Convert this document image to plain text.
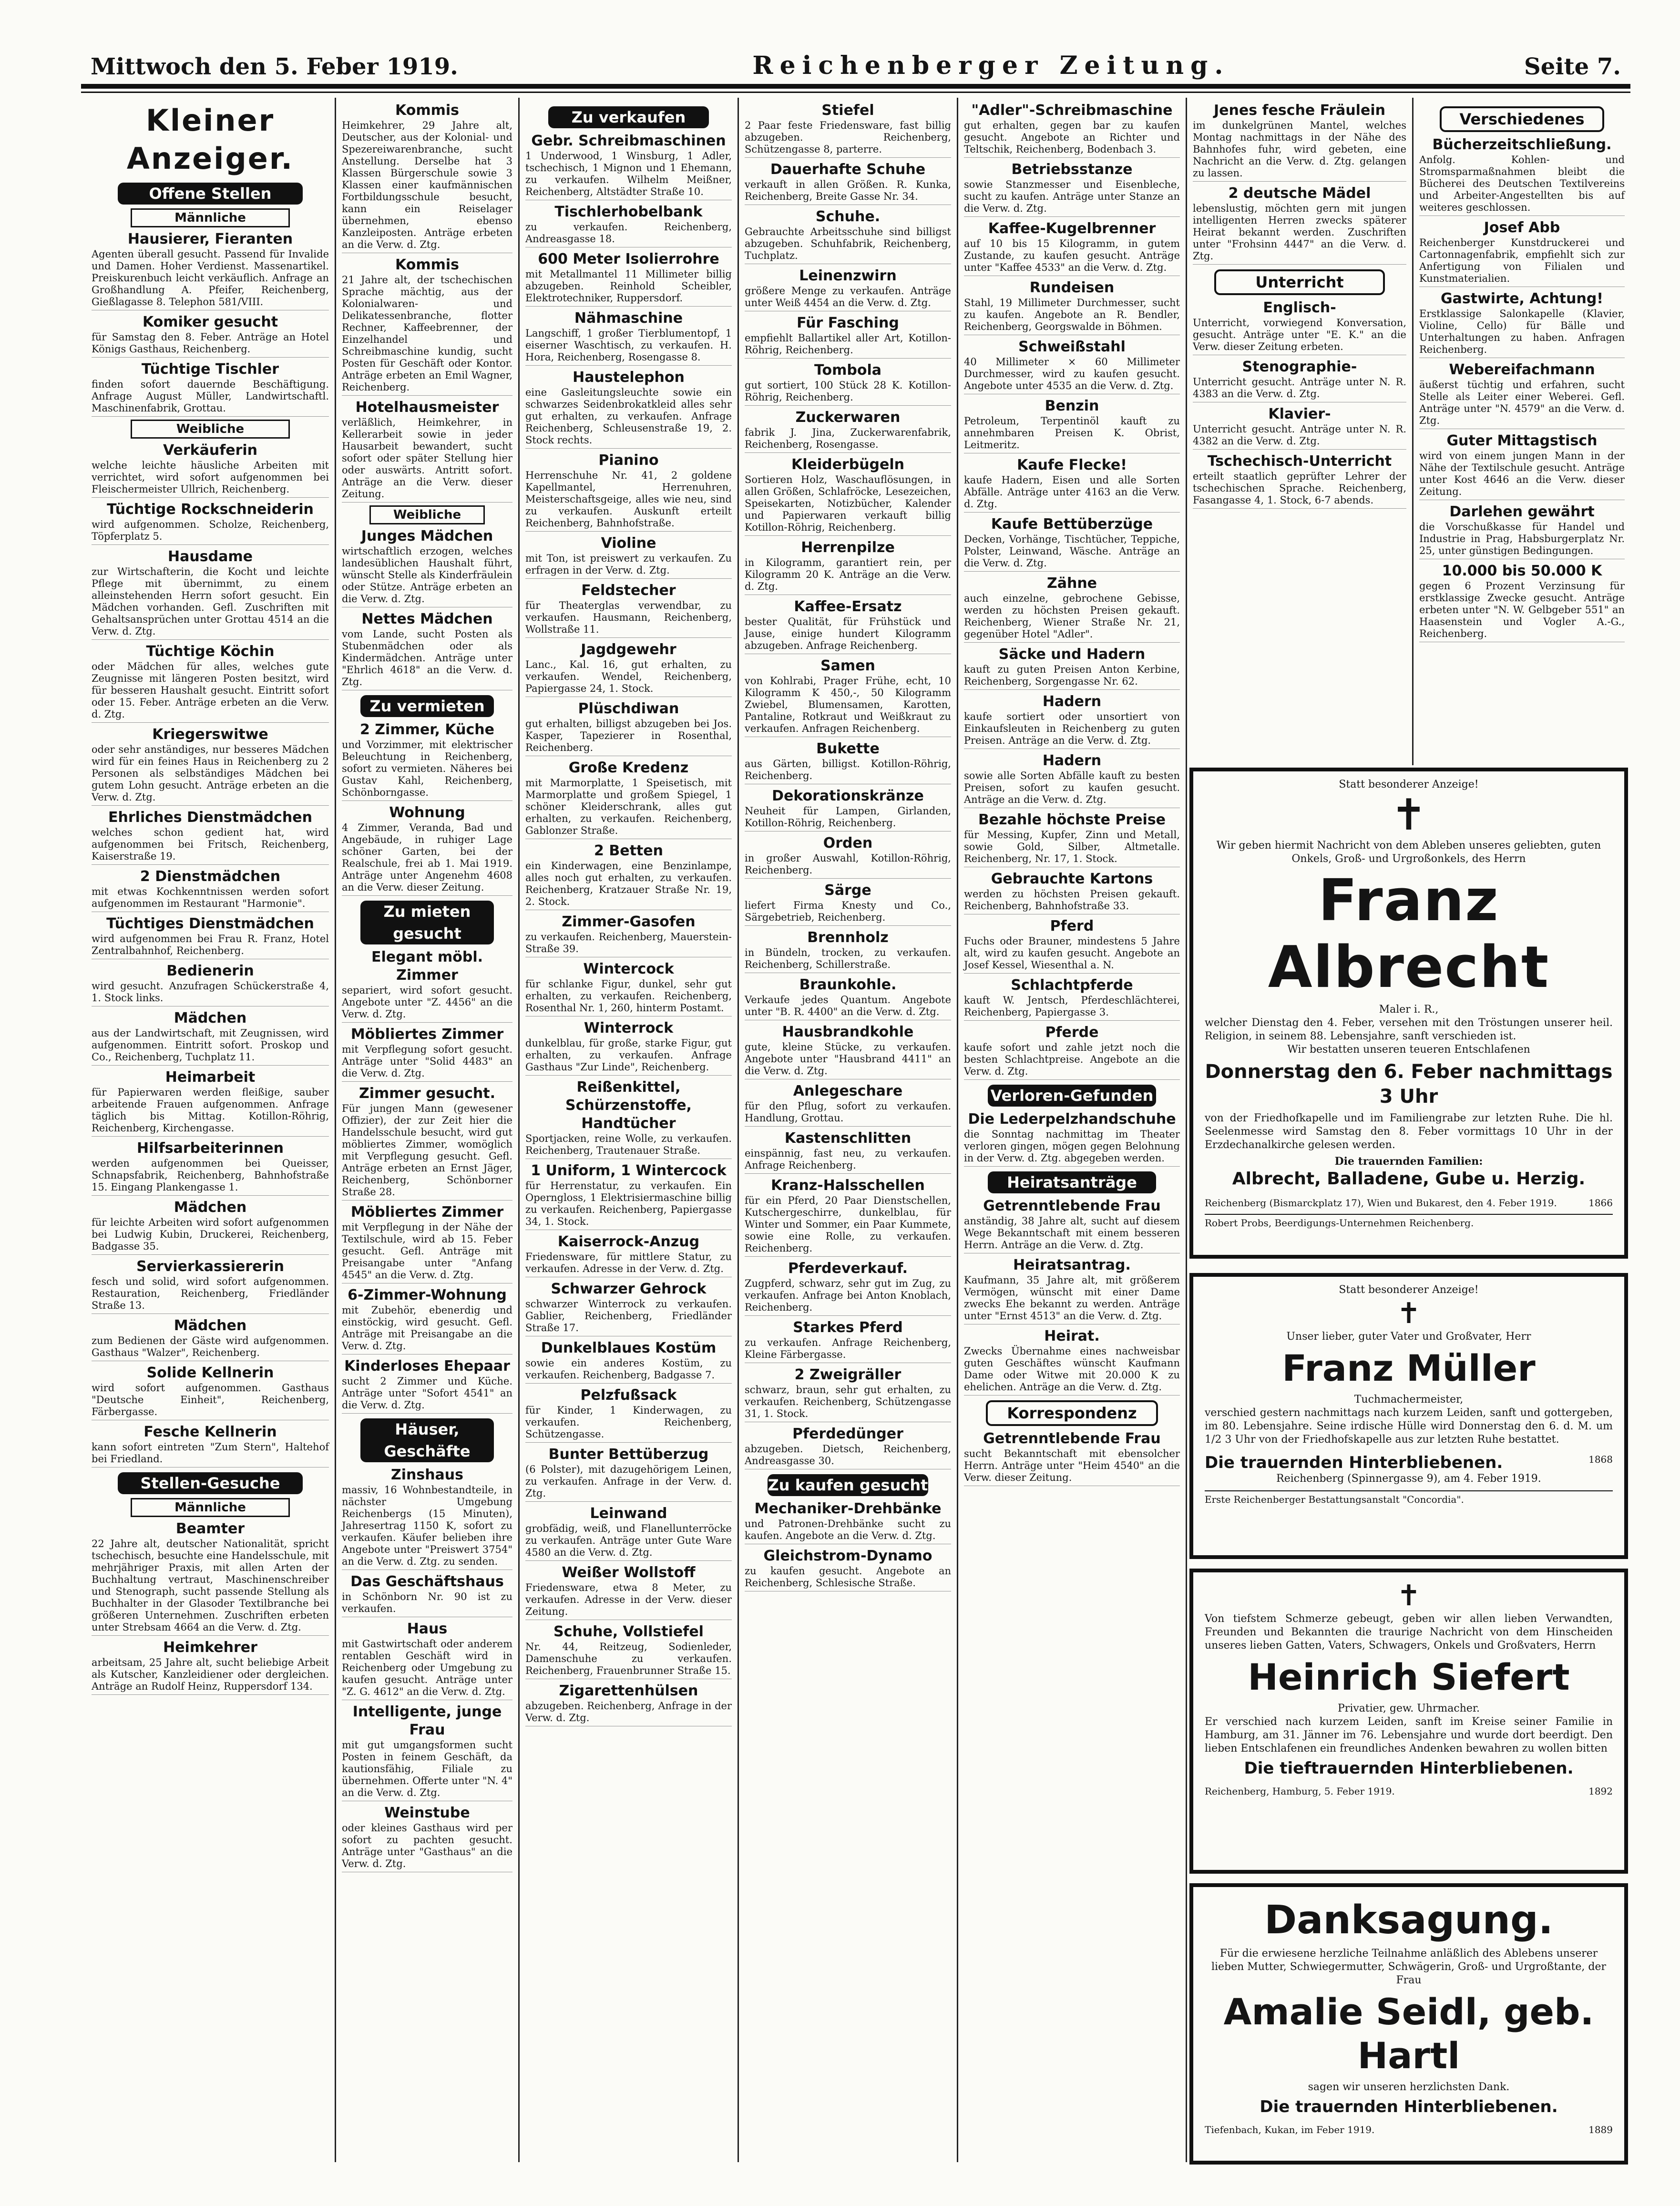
Mittwoch den 5. Feber 1919.	Reichenberger Zeitung.	Seite 7.
Kleiner Anzeiger.
Offene Stellen
Männliche
Hausierer, Fieranten
Agenten überall gesucht. Passend für Invalide und Damen. Hoher Verdienst. Massenartikel. Preiskurenbuch leicht verkäuflich. Anfrage an Großhandlung A. Pfeifer, Reichenberg, Gießlagasse 8. Telephon 581/VIII.
Komiker gesucht
für Samstag den 8. Feber. Anträge an Hotel Königs Gasthaus, Reichenberg.
Tüchtige Tischler
finden sofort dauernde Beschäftigung. Anfrage August Müller, Landwirtschaftl. Maschinenfabrik, Grottau.
Weibliche
Verkäuferin
welche leichte häusliche Arbeiten mit verrichtet, wird sofort aufgenommen bei Fleischermeister Ullrich, Reichenberg.
Tüchtige Rockschneiderin
wird aufgenommen. Scholze, Reichenberg, Töpferplatz 5.
Hausdame
zur Wirtschafterin, die Kocht und leichte Pflege mit übernimmt, zu einem alleinstehenden Herrn sofort gesucht. Ein Mädchen vorhanden. Gefl. Zuschriften mit Gehaltsansprüchen unter Grottau 4514 an die Verw. d. Ztg.
Tüchtige Köchin
oder Mädchen für alles, welches gute Zeugnisse mit längeren Posten besitzt, wird für besseren Haushalt gesucht. Eintritt sofort oder 15. Feber. Anträge erbeten an die Verw. d. Ztg.
Kriegerswitwe
oder sehr anständiges, nur besseres Mädchen wird für ein feines Haus in Reichenberg zu 2 Personen als selbständiges Mädchen bei gutem Lohn gesucht. Anträge erbeten an die Verw. d. Ztg.
Ehrliches Dienstmädchen
welches schon gedient hat, wird aufgenommen bei Fritsch, Reichenberg, Kaiserstraße 19.
2 Dienstmädchen
mit etwas Kochkenntnissen werden sofort aufgenommen im Restaurant "Harmonie".
Tüchtiges Dienstmädchen
wird aufgenommen bei Frau R. Franz, Hotel Zentralbahnhof, Reichenberg.
Bedienerin
wird gesucht. Anzufragen Schückerstraße 4, 1. Stock links.
Mädchen
aus der Landwirtschaft, mit Zeugnissen, wird aufgenommen. Eintritt sofort. Proskop und Co., Reichenberg, Tuchplatz 11.
Heimarbeit
für Papierwaren werden fleißige, sauber arbeitende Frauen aufgenommen. Anfrage täglich bis Mittag. Kotillon-Röhrig, Reichenberg, Kirchengasse.
Hilfsarbeiterinnen
werden aufgenommen bei Queisser, Schnapsfabrik, Reichenberg, Bahnhofstraße 15. Eingang Plankengasse 1.
Mädchen
für leichte Arbeiten wird sofort aufgenommen bei Ludwig Kubin, Druckerei, Reichenberg, Badgasse 35.
Servierkassiererin
fesch und solid, wird sofort aufgenommen. Restauration, Reichenberg, Friedländer Straße 13.
Mädchen
zum Bedienen der Gäste wird aufgenommen. Gasthaus "Walzer", Reichenberg.
Solide Kellnerin
wird sofort aufgenommen. Gasthaus "Deutsche Einheit", Reichenberg, Färbergasse.
Fesche Kellnerin
kann sofort eintreten "Zum Stern", Haltehof bei Friedland.
Stellen-Gesuche
Männliche
Beamter
22 Jahre alt, deutscher Nationalität, spricht tschechisch, besuchte eine Handelsschule, mit mehrjähriger Praxis, mit allen Arten der Buchhaltung vertraut, Maschinenschreiber und Stenograph, sucht passende Stellung als Buchhalter in der Glasoder Textilbranche bei größeren Unternehmen. Zuschriften erbeten unter Strebsam 4664 an die Verw. d. Ztg.
Heimkehrer
arbeitsam, 25 Jahre alt, sucht beliebige Arbeit als Kutscher, Kanzleidiener oder dergleichen. Anträge an Rudolf Heinz, Ruppersdorf 134.
Kommis
Heimkehrer, 29 Jahre alt, Deutscher, aus der Kolonial- und Spezereiwarenbranche, sucht Anstellung. Derselbe hat 3 Klassen Bürgerschule sowie 3 Klassen einer kaufmännischen Fortbildungsschule besucht, kann ein Reiselager übernehmen, ebenso Kanzleiposten. Anträge erbeten an die Verw. d. Ztg.
Kommis
21 Jahre alt, der tschechischen Sprache mächtig, aus der Kolonialwaren- und Delikatessenbranche, flotter Rechner, Kaffeebrenner, der Einzelhandel und Schreibmaschine kundig, sucht Posten für Geschäft oder Kontor. Anträge erbeten an Emil Wagner, Reichenberg.
Hotelhausmeister
verläßlich, Heimkehrer, in Kellerarbeit sowie in jeder Hausarbeit bewandert, sucht sofort oder später Stellung hier oder auswärts. Antritt sofort. Anträge an die Verw. dieser Zeitung.
Weibliche
Junges Mädchen
wirtschaftlich erzogen, welches landesüblichen Haushalt führt, wünscht Stelle als Kinderfräulein oder Stütze. Anträge erbeten an die Verw. d. Ztg.
Nettes Mädchen
vom Lande, sucht Posten als Stubenmädchen oder als Kindermädchen. Anträge unter "Ehrlich 4618" an die Verw. d. Ztg.
Zu vermieten
2 Zimmer, Küche
und Vorzimmer, mit elektrischer Beleuchtung in Reichenberg, sofort zu vermieten. Näheres bei Gustav Kahl, Reichenberg, Schönborngasse.
Wohnung
4 Zimmer, Veranda, Bad und Angebäude, in ruhiger Lage schöner Garten, bei der Realschule, frei ab 1. Mai 1919. Anträge unter Angenehm 4608 an die Verw. dieser Zeitung.
Zu mieten gesucht
Elegant möbl. Zimmer
separiert, wird sofort gesucht. Angebote unter "Z. 4456" an die Verw. d. Ztg.
Möbliertes Zimmer
mit Verpflegung sofort gesucht. Anträge unter "Solid 4483" an die Verw. d. Ztg.
Zimmer gesucht.
Für jungen Mann (gewesener Offizier), der zur Zeit hier die Handelsschule besucht, wird gut möbliertes Zimmer, womöglich mit Verpflegung gesucht. Gefl. Anträge erbeten an Ernst Jäger, Reichenberg, Schönborner Straße 28.
Möbliertes Zimmer
mit Verpflegung in der Nähe der Textilschule, wird ab 15. Feber gesucht. Gefl. Anträge mit Preisangabe unter "Anfang 4545" an die Verw. d. Ztg.
6-Zimmer-Wohnung
mit Zubehör, ebenerdig und einstöckig, wird gesucht. Gefl. Anträge mit Preisangabe an die Verw. d. Ztg.
Kinderloses Ehepaar
sucht 2 Zimmer und Küche. Anträge unter "Sofort 4541" an die Verw. d. Ztg.
Häuser, Geschäfte
Zinshaus
massiv, 16 Wohnbestandteile, in nächster Umgebung Reichenbergs (15 Minuten), Jahresertrag 1150 K, sofort zu verkaufen. Käufer belieben ihre Angebote unter "Preiswert 3754" an die Verw. d. Ztg. zu senden.
Das Geschäftshaus
in Schönborn Nr. 90 ist zu verkaufen.
Haus
mit Gastwirtschaft oder anderem rentablen Geschäft wird in Reichenberg oder Umgebung zu kaufen gesucht. Anträge unter "Z. G. 4612" an die Verw. d. Ztg.
Intelligente, junge Frau
mit gut umgangsformen sucht Posten in feinem Geschäft, da kautionsfähig, Filiale zu übernehmen. Offerte unter "N. 4" an die Verw. d. Ztg.
Weinstube
oder kleines Gasthaus wird per sofort zu pachten gesucht. Anträge unter "Gasthaus" an die Verw. d. Ztg.
Zu verkaufen
Gebr. Schreibmaschinen
1 Underwood, 1 Winsburg, 1 Adler, tschechisch, 1 Mignon und 1 Ehemann, zu verkaufen. Wilhelm Meißner, Reichenberg, Altstädter Straße 10.
Tischlerhobelbank
zu verkaufen. Reichenberg, Andreasgasse 18.
600 Meter Isolierrohre
mit Metallmantel 11 Millimeter billig abzugeben. Reinhold Scheibler, Elektrotechniker, Ruppersdorf.
Nähmaschine
Langschiff, 1 großer Tierblumentopf, 1 eiserner Waschtisch, zu verkaufen. H. Hora, Reichenberg, Rosengasse 8.
Haustelephon
eine Gasleitungsleuchte sowie ein schwarzes Seidenbrokatkleid alles sehr gut erhalten, zu verkaufen. Anfrage Reichenberg, Schleusenstraße 19, 2. Stock rechts.
Pianino
Herrenschuhe Nr. 41, 2 goldene Kapellmantel, Herrenuhren, Meisterschaftsgeige, alles wie neu, sind zu verkaufen. Auskunft erteilt Reichenberg, Bahnhofstraße.
Violine
mit Ton, ist preiswert zu verkaufen. Zu erfragen in der Verw. d. Ztg.
Feldstecher
für Theaterglas verwendbar, zu verkaufen. Hausmann, Reichenberg, Wollstraße 11.
Jagdgewehr
Lanc., Kal. 16, gut erhalten, zu verkaufen. Wendel, Reichenberg, Papiergasse 24, 1. Stock.
Plüschdiwan
gut erhalten, billigst abzugeben bei Jos. Kasper, Tapezierer in Rosenthal, Reichenberg.
Große Kredenz
mit Marmorplatte, 1 Speisetisch, mit Marmorplatte und großem Spiegel, 1 schöner Kleiderschrank, alles gut erhalten, zu verkaufen. Reichenberg, Gablonzer Straße.
2 Betten
ein Kinderwagen, eine Benzinlampe, alles noch gut erhalten, zu verkaufen. Reichenberg, Kratzauer Straße Nr. 19, 2. Stock.
Zimmer-Gasofen
zu verkaufen. Reichenberg, Mauerstein-Straße 39.
Wintercock
für schlanke Figur, dunkel, sehr gut erhalten, zu verkaufen. Reichenberg, Rosenthal Nr. 1, 260, hinterm Postamt.
Winterrock
dunkelblau, für große, starke Figur, gut erhalten, zu verkaufen. Anfrage Gasthaus "Zur Linde", Reichenberg.
Reißenkittel, Schürzenstoffe, Handtücher
Sportjacken, reine Wolle, zu verkaufen. Reichenberg, Trautenauer Straße.
1 Uniform, 1 Wintercock
für Herrenstatur, zu verkaufen. Ein Operngloss, 1 Elektrisiermaschine billig zu verkaufen. Reichenberg, Papiergasse 34, 1. Stock.
Kaiserrock-Anzug
Friedensware, für mittlere Statur, zu verkaufen. Adresse in der Verw. d. Ztg.
Schwarzer Gehrock
schwarzer Winterrock zu verkaufen. Gablier, Reichenberg, Friedländer Straße 17.
Dunkelblaues Kostüm
sowie ein anderes Kostüm, zu verkaufen. Reichenberg, Badgasse 7.
Pelzfußsack
für Kinder, 1 Kinderwagen, zu verkaufen. Reichenberg, Schützengasse.
Bunter Bettüberzug
(6 Polster), mit dazugehörigem Leinen, zu verkaufen. Anfrage in der Verw. d. Ztg.
Leinwand
grobfädig, weiß, und Flanellunterröcke zu verkaufen. Anträge unter Gute Ware 4580 an die Verw. d. Ztg.
Weißer Wollstoff
Friedensware, etwa 8 Meter, zu verkaufen. Adresse in der Verw. dieser Zeitung.
Schuhe, Vollstiefel
Nr. 44, Reitzeug, Sodienleder, Damenschuhe zu verkaufen. Reichenberg, Frauenbrunner Straße 15.
Zigarettenhülsen
abzugeben. Reichenberg, Anfrage in der Verw. d. Ztg.
Stiefel
2 Paar feste Friedensware, fast billig abzugeben. Reichenberg, Schützengasse 8, parterre.
Dauerhafte Schuhe
verkauft in allen Größen. R. Kunka, Reichenberg, Breite Gasse Nr. 34.
Schuhe.
Gebrauchte Arbeitsschuhe sind billigst abzugeben. Schuhfabrik, Reichenberg, Tuchplatz.
Leinenzwirn
größere Menge zu verkaufen. Anträge unter Weiß 4454 an die Verw. d. Ztg.
Für Fasching
empfiehlt Ballartikel aller Art, Kotillon-Röhrig, Reichenberg.
Tombola
gut sortiert, 100 Stück 28 K. Kotillon-Röhrig, Reichenberg.
Zuckerwaren
fabrik J. Jina, Zuckerwarenfabrik, Reichenberg, Rosengasse.
Kleiderbügeln
Sortieren Holz, Waschauflösungen, in allen Größen, Schlafröcke, Lesezeichen, Speisekarten, Notizbücher, Kalender und Papierwaren verkauft billig Kotillon-Röhrig, Reichenberg.
Herrenpilze
in Kilogramm, garantiert rein, per Kilogramm 20 K. Anträge an die Verw. d. Ztg.
Kaffee-Ersatz
bester Qualität, für Frühstück und Jause, einige hundert Kilogramm abzugeben. Anfrage Reichenberg.
Samen
von Kohlrabi, Prager Frühe, echt, 10 Kilogramm K 450,-, 50 Kilogramm Zwiebel, Blumensamen, Karotten, Pantaline, Rotkraut und Weißkraut zu verkaufen. Anfragen Reichenberg.
Bukette
aus Gärten, billigst. Kotillon-Röhrig, Reichenberg.
Dekorationskränze
Neuheit für Lampen, Girlanden, Kotillon-Röhrig, Reichenberg.
Orden
in großer Auswahl, Kotillon-Röhrig, Reichenberg.
Särge
liefert Firma Knesty und Co., Särgebetrieb, Reichenberg.
Brennholz
in Bündeln, trocken, zu verkaufen. Reichenberg, Schillerstraße.
Braunkohle.
Verkaufe jedes Quantum. Angebote unter "B. R. 4400" an die Verw. d. Ztg.
Hausbrandkohle
gute, kleine Stücke, zu verkaufen. Angebote unter "Hausbrand 4411" an die Verw. d. Ztg.
Anlegeschare
für den Pflug, sofort zu verkaufen. Handlung, Grottau.
Kastenschlitten
einspännig, fast neu, zu verkaufen. Anfrage Reichenberg.
Kranz-Halsschellen
für ein Pferd, 20 Paar Dienstschellen, Kutschergeschirre, dunkelblau, für Winter und Sommer, ein Paar Kummete, sowie eine Rolle, zu verkaufen. Reichenberg.
Pferdeverkauf.
Zugpferd, schwarz, sehr gut im Zug, zu verkaufen. Anfrage bei Anton Knoblach, Reichenberg.
Starkes Pferd
zu verkaufen. Anfrage Reichenberg, Kleine Färbergasse.
2 Zweigräller
schwarz, braun, sehr gut erhalten, zu verkaufen. Reichenberg, Schützengasse 31, 1. Stock.
Pferdedünger
abzugeben. Dietsch, Reichenberg, Andreasgasse 30.
Zu kaufen gesucht
Mechaniker-Drehbänke
und Patronen-Drehbänke sucht zu kaufen. Angebote an die Verw. d. Ztg.
Gleichstrom-Dynamo
zu kaufen gesucht. Angebote an Reichenberg, Schlesische Straße.
"Adler"-Schreibmaschine
gut erhalten, gegen bar zu kaufen gesucht. Angebote an Richter und Teltschik, Reichenberg, Bodenbach 3.
Betriebsstanze
sowie Stanzmesser und Eisenbleche, sucht zu kaufen. Anträge unter Stanze an die Verw. d. Ztg.
Kaffee-Kugelbrenner
auf 10 bis 15 Kilogramm, in gutem Zustande, zu kaufen gesucht. Anträge unter "Kaffee 4533" an die Verw. d. Ztg.
Rundeisen
Stahl, 19 Millimeter Durchmesser, sucht zu kaufen. Angebote an R. Bendler, Reichenberg, Georgswalde in Böhmen.
Schweißstahl
40 Millimeter × 60 Millimeter Durchmesser, wird zu kaufen gesucht. Angebote unter 4535 an die Verw. d. Ztg.
Benzin
Petroleum, Terpentinöl kauft zu annehmbaren Preisen K. Obrist, Leitmeritz.
Kaufe Flecke!
kaufe Hadern, Eisen und alle Sorten Abfälle. Anträge unter 4163 an die Verw. d. Ztg.
Kaufe Bettüberzüge
Decken, Vorhänge, Tischtücher, Teppiche, Polster, Leinwand, Wäsche. Anträge an die Verw. d. Ztg.
Zähne
auch einzelne, gebrochene Gebisse, werden zu höchsten Preisen gekauft. Reichenberg, Wiener Straße Nr. 21, gegenüber Hotel "Adler".
Säcke und Hadern
kauft zu guten Preisen Anton Kerbine, Reichenberg, Sorgengasse Nr. 62.
Hadern
kaufe sortiert oder unsortiert von Einkaufsleuten in Reichenberg zu guten Preisen. Anträge an die Verw. d. Ztg.
Hadern
sowie alle Sorten Abfälle kauft zu besten Preisen, sofort zu kaufen gesucht. Anträge an die Verw. d. Ztg.
Bezahle höchste Preise
für Messing, Kupfer, Zinn und Metall, sowie Gold, Silber, Altmetalle. Reichenberg, Nr. 17, 1. Stock.
Gebrauchte Kartons
werden zu höchsten Preisen gekauft. Reichenberg, Bahnhofstraße 33.
Pferd
Fuchs oder Brauner, mindestens 5 Jahre alt, wird zu kaufen gesucht. Angebote an Josef Kessel, Wiesenthal a. N.
Schlachtpferde
kauft W. Jentsch, Pferdeschlächterei, Reichenberg, Papiergasse 3.
Pferde
kaufe sofort und zahle jetzt noch die besten Schlachtpreise. Angebote an die Verw. d. Ztg.
Verloren-Gefunden
Die Lederpelzhandschuhe
die Sonntag nachmittag im Theater verloren gingen, mögen gegen Belohnung in der Verw. d. Ztg. abgegeben werden.
Heiratsanträge
Getrenntlebende Frau
anständig, 38 Jahre alt, sucht auf diesem Wege Bekanntschaft mit einem besseren Herrn. Anträge an die Verw. d. Ztg.
Heiratsantrag.
Kaufmann, 35 Jahre alt, mit größerem Vermögen, wünscht mit einer Dame zwecks Ehe bekannt zu werden. Anträge unter "Ernst 4513" an die Verw. d. Ztg.
Heirat.
Zwecks Übernahme eines nachweisbar guten Geschäftes wünscht Kaufmann Dame oder Witwe mit 20.000 K zu ehelichen. Anträge an die Verw. d. Ztg.
Korrespondenz
Getrenntlebende Frau
sucht Bekanntschaft mit ebensolcher Herrn. Anträge unter "Heim 4540" an die Verw. dieser Zeitung.
Jenes fesche Fräulein
im dunkelgrünen Mantel, welches Montag nachmittags in der Nähe des Bahnhofes fuhr, wird gebeten, eine Nachricht an die Verw. d. Ztg. gelangen zu lassen.
2 deutsche Mädel
lebenslustig, möchten gern mit jungen intelligenten Herren zwecks späterer Heirat bekannt werden. Zuschriften unter "Frohsinn 4447" an die Verw. d. Ztg.
Unterricht
Englisch-
Unterricht, vorwiegend Konversation, gesucht. Anträge unter "E. K." an die Verw. dieser Zeitung erbeten.
Stenographie-
Unterricht gesucht. Anträge unter N. R. 4383 an die Verw. d. Ztg.
Klavier-
Unterricht gesucht. Anträge unter N. R. 4382 an die Verw. d. Ztg.
Tschechisch-Unterricht
erteilt staatlich geprüfter Lehrer der tschechischen Sprache. Reichenberg, Fasangasse 4, 1. Stock, 6-7 abends.
Verschiedenes
Bücherzeitschließung.
Anfolg. Kohlen- und Stromsparmaßnahmen bleibt die Bücherei des Deutschen Textilvereins und Arbeiter-Angestellten bis auf weiteres geschlossen.
Josef Abb
Reichenberger Kunstdruckerei und Cartonnagenfabrik, empfiehlt sich zur Anfertigung von Filialen und Kunstmaterialien.
Gastwirte, Achtung!
Erstklassige Salonkapelle (Klavier, Violine, Cello) für Bälle und Unterhaltungen zu haben. Anfragen Reichenberg.
Webereifachmann
äußerst tüchtig und erfahren, sucht Stelle als Leiter einer Weberei. Gefl. Anträge unter "N. 4579" an die Verw. d. Ztg.
Guter Mittagstisch
wird von einem jungen Mann in der Nähe der Textilschule gesucht. Anträge unter Kost 4646 an die Verw. dieser Zeitung.
Darlehen gewährt
die Vorschußkasse für Handel und Industrie in Prag, Habsburgerplatz Nr. 25, unter günstigen Bedingungen.
10.000 bis 50.000 K
gegen 6 Prozent Verzinsung für erstklassige Zwecke gesucht. Anträge erbeten unter "N. W. Gelbgeber 551" an Haasenstein und Vogler A.-G., Reichenberg.
Statt besonderer Anzeige!
✝
Wir geben hiermit Nachricht von dem Ableben unseres geliebten, guten Onkels, Groß- und Urgroßonkels, des Herrn
Franz Albrecht
Maler i. R.,
welcher Dienstag den 4. Feber, versehen mit den Tröstungen unserer heil. Religion, in seinem 88. Lebensjahre, sanft verschieden ist.
Wir bestatten unseren teueren Entschlafenen
Donnerstag den 6. Feber nachmittags 3 Uhr
von der Friedhofkapelle und im Familiengrabe zur letzten Ruhe. Die hl. Seelenmesse wird Samstag den 8. Feber vormittags 10 Uhr in der Erzdechanalkirche gelesen werden.
Die trauernden Familien:
Albrecht, Balladene, Gube u. Herzig.
Reichenberg (Bismarckplatz 17), Wien und Bukarest, den 4. Feber 1919.	1866
Robert Probs, Beerdigungs-Unternehmen Reichenberg.
Statt besonderer Anzeige!
✝
Unser lieber, guter Vater und Großvater, Herr
Franz Müller
Tuchmachermeister,
verschied gestern nachmittags nach kurzem Leiden, sanft und gottergeben, im 80. Lebensjahre. Seine irdische Hülle wird Donnerstag den 6. d. M. um 1/2 3 Uhr von der Friedhofskapelle aus zur letzten Ruhe bestattet.
Die trauernden Hinterbliebenen.	1868
Reichenberg (Spinnergasse 9), am 4. Feber 1919.
Erste Reichenberger Bestattungsanstalt "Concordia".
✝
Von tiefstem Schmerze gebeugt, geben wir allen lieben Verwandten, Freunden und Bekannten die traurige Nachricht von dem Hinscheiden unseres lieben Gatten, Vaters, Schwagers, Onkels und Großvaters, Herrn
Heinrich Siefert
Privatier, gew. Uhrmacher.
Er verschied nach kurzem Leiden, sanft im Kreise seiner Familie in Hamburg, am 31. Jänner im 76. Lebensjahre und wurde dort beerdigt. Den lieben Entschlafenen ein freundliches Andenken bewahren zu wollen bitten
Die tieftrauernden Hinterbliebenen.
Reichenberg, Hamburg, 5. Feber 1919.	1892
Danksagung.
Für die erwiesene herzliche Teilnahme anläßlich des Ablebens unserer lieben Mutter, Schwiegermutter, Schwägerin, Groß- und Urgroßtante, der Frau
Amalie Seidl, geb. Hartl
sagen wir unseren herzlichsten Dank.
Die trauernden Hinterbliebenen.
Tiefenbach, Kukan, im Feber 1919.	1889
